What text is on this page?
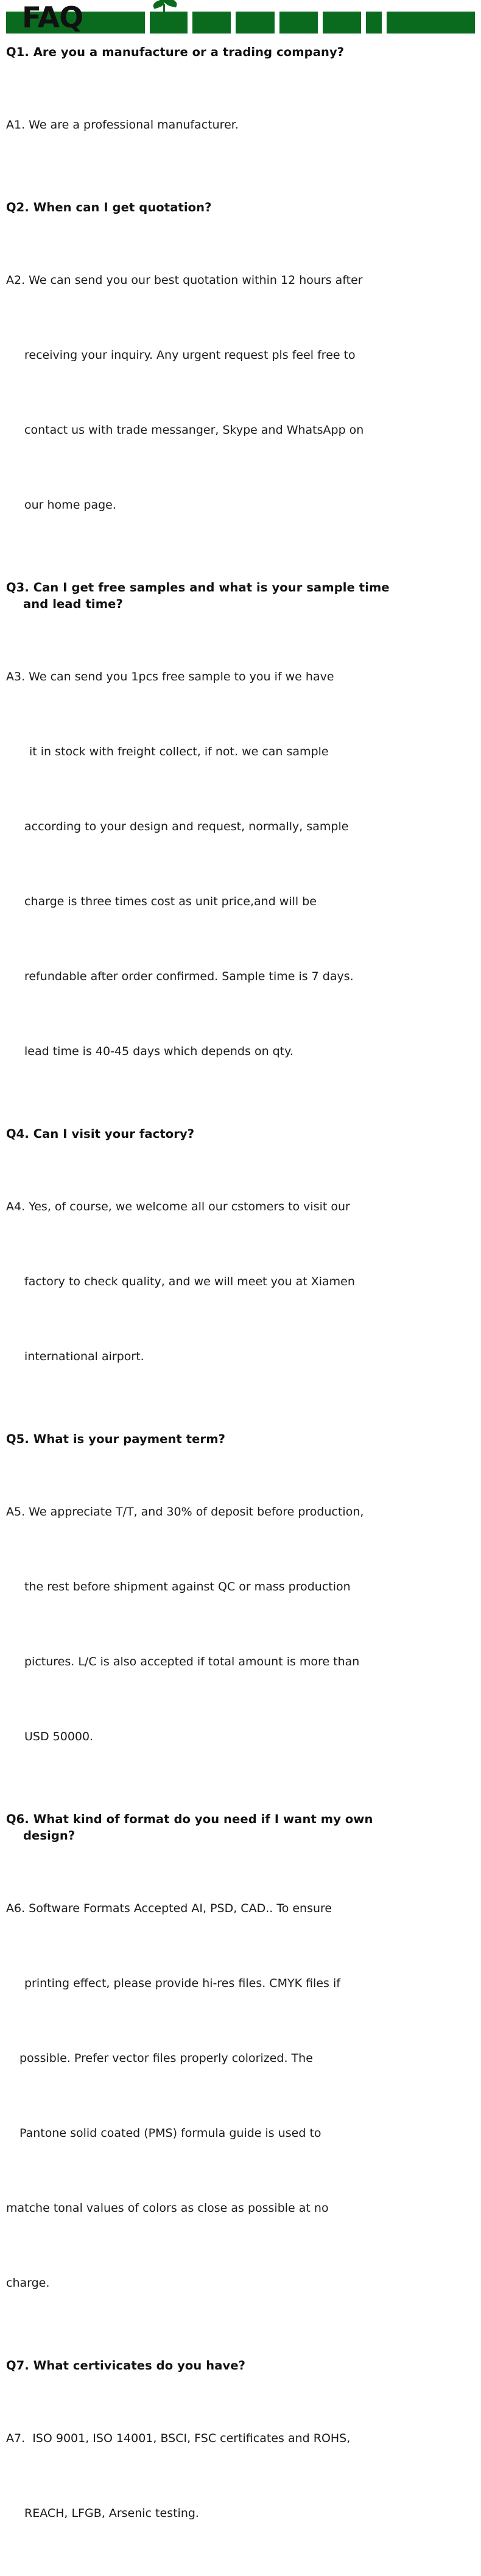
FAQ
Q1. Are you a manufacture or a trading company?

A1. We are a professional manufacturer.

Q2. When can I get quotation?

A2. We can send you our best quotation within 12 hours after

receiving your inquiry. Any urgent request pls feel free to

contact us with trade messanger, Skype and WhatsApp on

our home page.

Q3. Can I get free samples and what is your sample time
and lead time?

A3. We can send you 1pcs free sample to you if we have

it in stock with freight collect, if not. we can sample

according to your design and request, normally, sample

charge is three times cost as unit price,and will be

refundable after order confirmed. Sample time is 7 days.

lead time is 40-45 days which depends on qty.

Q4. Can I visit your factory?

A4. Yes, of course, we welcome all our cstomers to visit our

factory to check quality, and we will meet you at Xiamen

international airport.

Q5. What is your payment term?

A5. We appreciate T/T, and 30% of deposit before production,

the rest before shipment against QC or mass production

pictures. L/C is also accepted if total amount is more than

USD 50000.

Q6. What kind of format do you need if I want my own
design?

A6. Software Formats Accepted AI, PSD, CAD.. To ensure

printing effect, please provide hi-res files. CMYK files if

possible. Prefer vector files properly colorized. The

Pantone solid coated (PMS) formula guide is used to

matche tonal values of colors as close as possible at no

charge.

Q7. What certivicates do you have?

A7.  ISO 9001, ISO 14001, BSCI, FSC certificates and ROHS,

REACH, LFGB, Arsenic testing.
